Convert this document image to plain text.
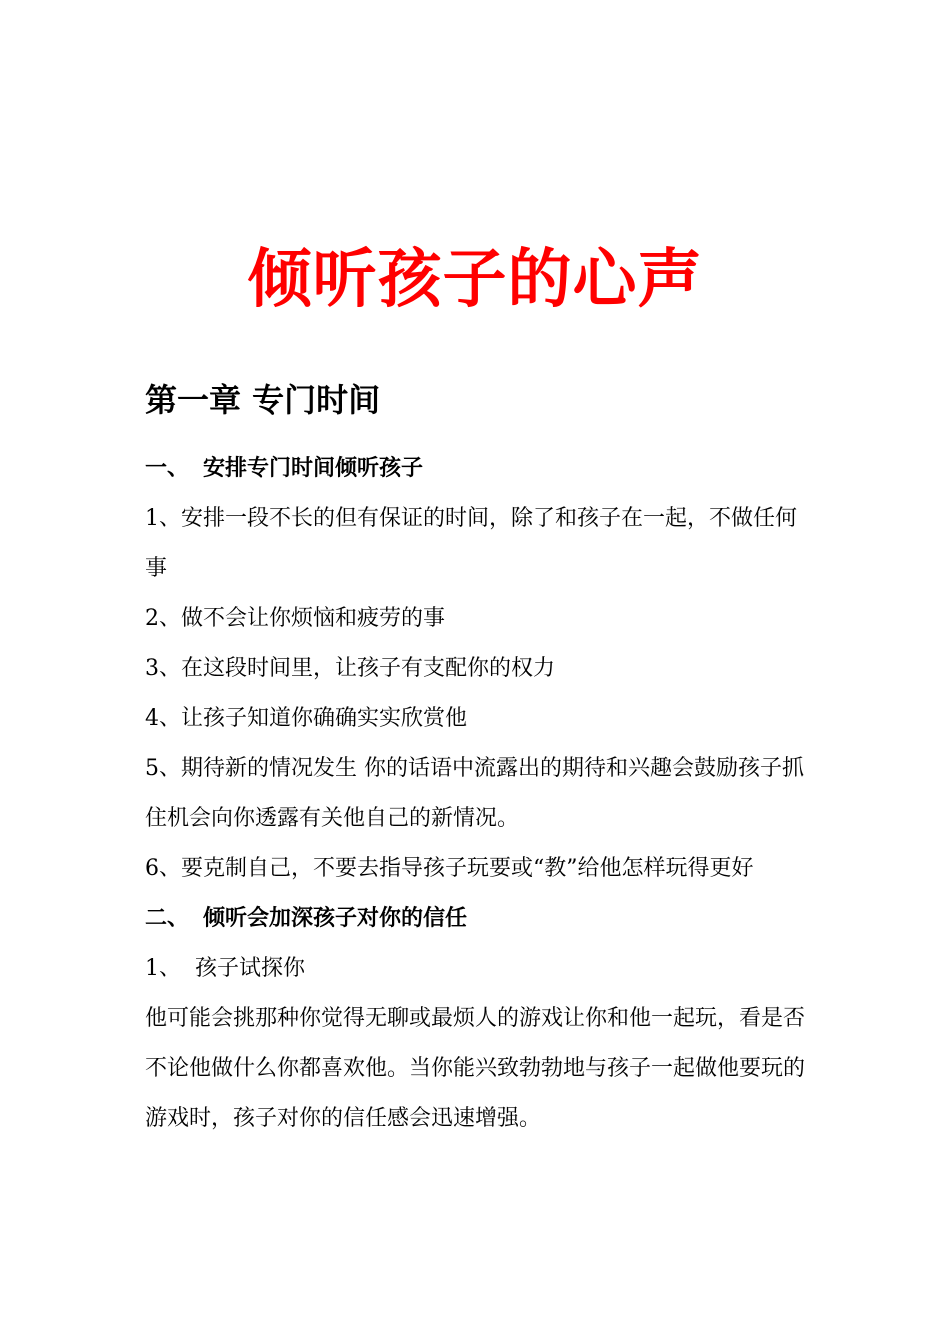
倾听孩子的心声
第一章 专门时间
一、 安排专门时间倾听孩子

1、安排一段不长的但有保证的时间，除了和孩子在一起，不做任何事

2、做不会让你烦恼和疲劳的事

3、在这段时间里，让孩子有支配你的权力

4、让孩子知道你确确实实欣赏他

5、期待新的情况发生 你的话语中流露出的期待和兴趣会鼓励孩子抓住机会向你透露有关他自己的新情况。

6、要克制自己，不要去指导孩子玩要或“教”给他怎样玩得更好

二、 倾听会加深孩子对你的信任

1、 孩子试探你

他可能会挑那种你觉得无聊或最烦人的游戏让你和他一起玩，看是否不论他做什么你都喜欢他。当你能兴致勃勃地与孩子一起做他要玩的游戏时，孩子对你的信任感会迅速增强。
